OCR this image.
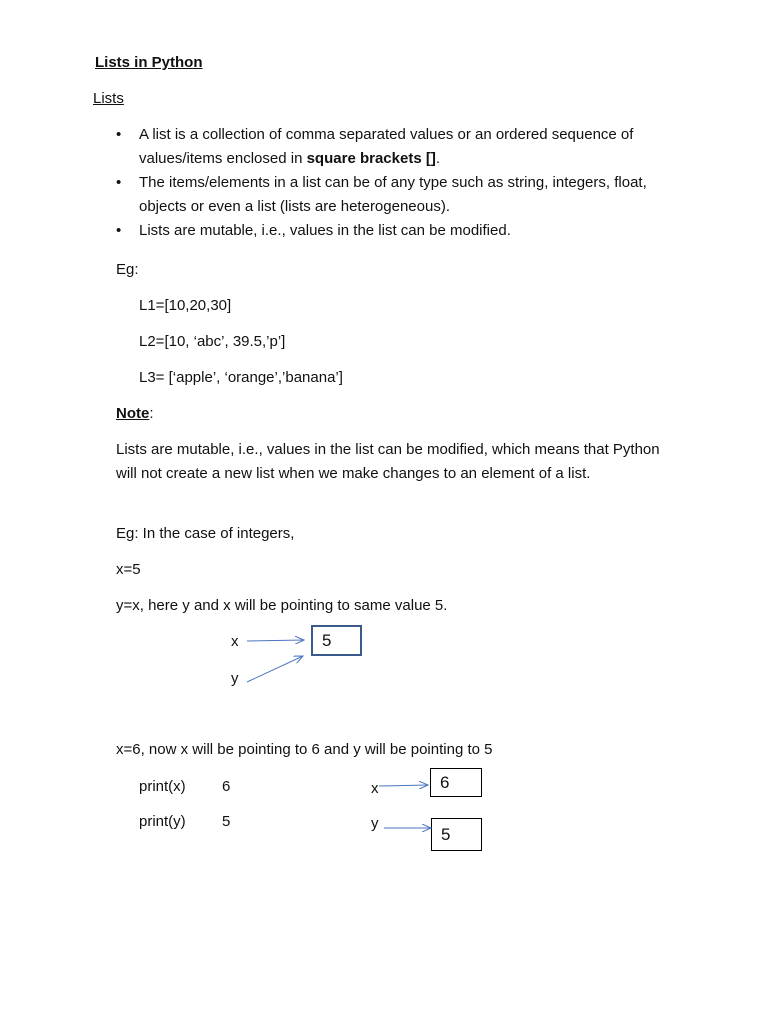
Lists in Python
Lists
• A list is a collection of comma separated values or an ordered sequence of values/items enclosed in square brackets [].
• The items/elements in a list can be of any type such as string, integers, float, objects or even a list (lists are heterogeneous).
• Lists are mutable, i.e., values in the list can be modified.
Eg:
L1=[10,20,30]
L2=[10, ‘abc’, 39.5,’p’]
L3= [‘apple’, ‘orange’,’banana’]
Note:
Lists are mutable, i.e., values in the list can be modified, which means that Python will not create a new list when we make changes to an element of a list.
Eg: In the case of integers,
x=5
y=x, here y and x will be pointing to same value 5.
x
y
5
x=6, now x will be pointing to 6 and y will be pointing to 5
print(x) 6
print(y) 5
x
y
6
5
